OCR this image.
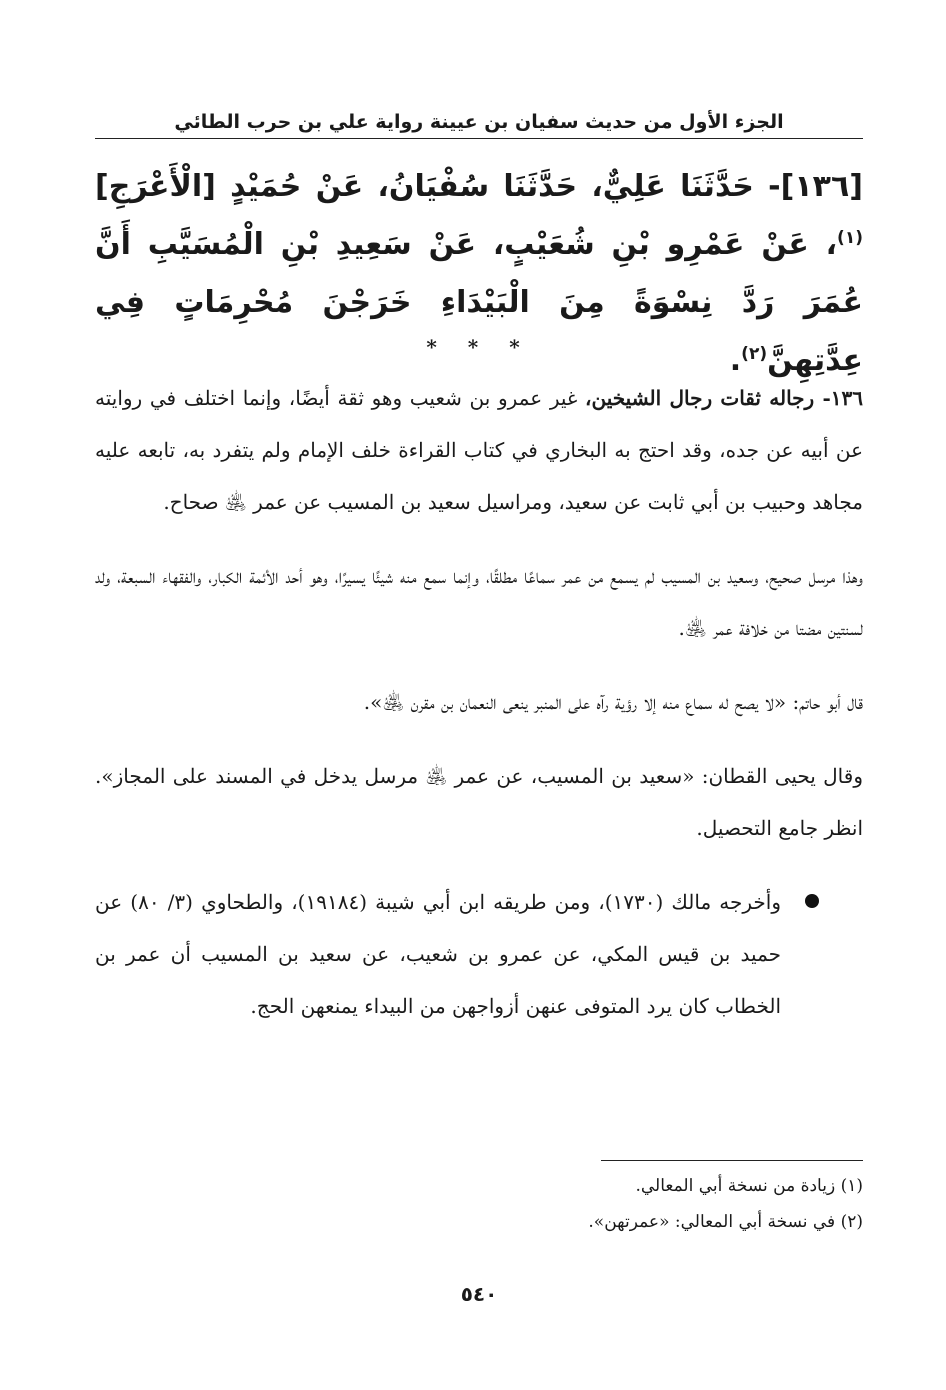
الجزء الأول من حديث سفيان بن عيينة رواية علي بن حرب الطائي
[١٣٦]- حَدَّثَنَا عَلِيٌّ، حَدَّثَنَا سُفْيَانُ، عَنْ حُمَيْدٍ [الْأَعْرَجِ]$^{(١)}$، عَنْ عَمْرِو بْنِ شُعَيْبٍ، عَنْ سَعِيدِ بْنِ الْمُسَيَّبِ أَنَّ عُمَرَ رَدَّ نِسْوَةً مِنَ الْبَيْدَاءِ خَرَجْنَ مُحْرِمَاتٍ فِي عِدَّتِهِنَّ$^{(٢)}$.
* * *

١٣٦- رجاله ثقات رجال الشيخين، غير عمرو بن شعيب وهو ثقة أيضًا، وإنما اختلف في روايته عن أبيه عن جده، وقد احتج به البخاري في كتاب القراءة خلف الإمام ولم يتفرد به، تابعه عليه مجاهد وحبيب بن أبي ثابت عن سعيد، ومراسيل سعيد بن المسيب عن عمر ﵁ صحاح.

وهذا مرسل صحيح، وسعيد بن المسيب لم يسمع من عمر سماعًا مطلقًا، وإنما سمع منه شيئًا يسيرًا، وهو أحد الأئمة الكبار، والفقهاء السبعة، ولد لسنتين مضتا من خلافة عمر ﵁.

قال أبو حاتم: «لا يصح له سماع منه إلا رؤية رآه على المنبر ينعى النعمان بن مقرن ﵁».

وقال يحيى القطان: «سعيد بن المسيب، عن عمر ﵁ مرسل يدخل في المسند على المجاز». انظر جامع التحصيل.

وأخرجه مالك (١٧٣٠)، ومن طريقه ابن أبي شيبة (١٩١٨٤)، والطحاوي (٣/ ٨٠) عن حميد بن قيس المكي، عن عمرو بن شعيب، عن سعيد بن المسيب أن عمر بن الخطاب كان يرد المتوفى عنهن أزواجهن من البيداء يمنعهن الحج.

(١) زيادة من نسخة أبي المعالي.

(٢) في نسخة أبي المعالي: «عمرتهن».

٥٤٠
